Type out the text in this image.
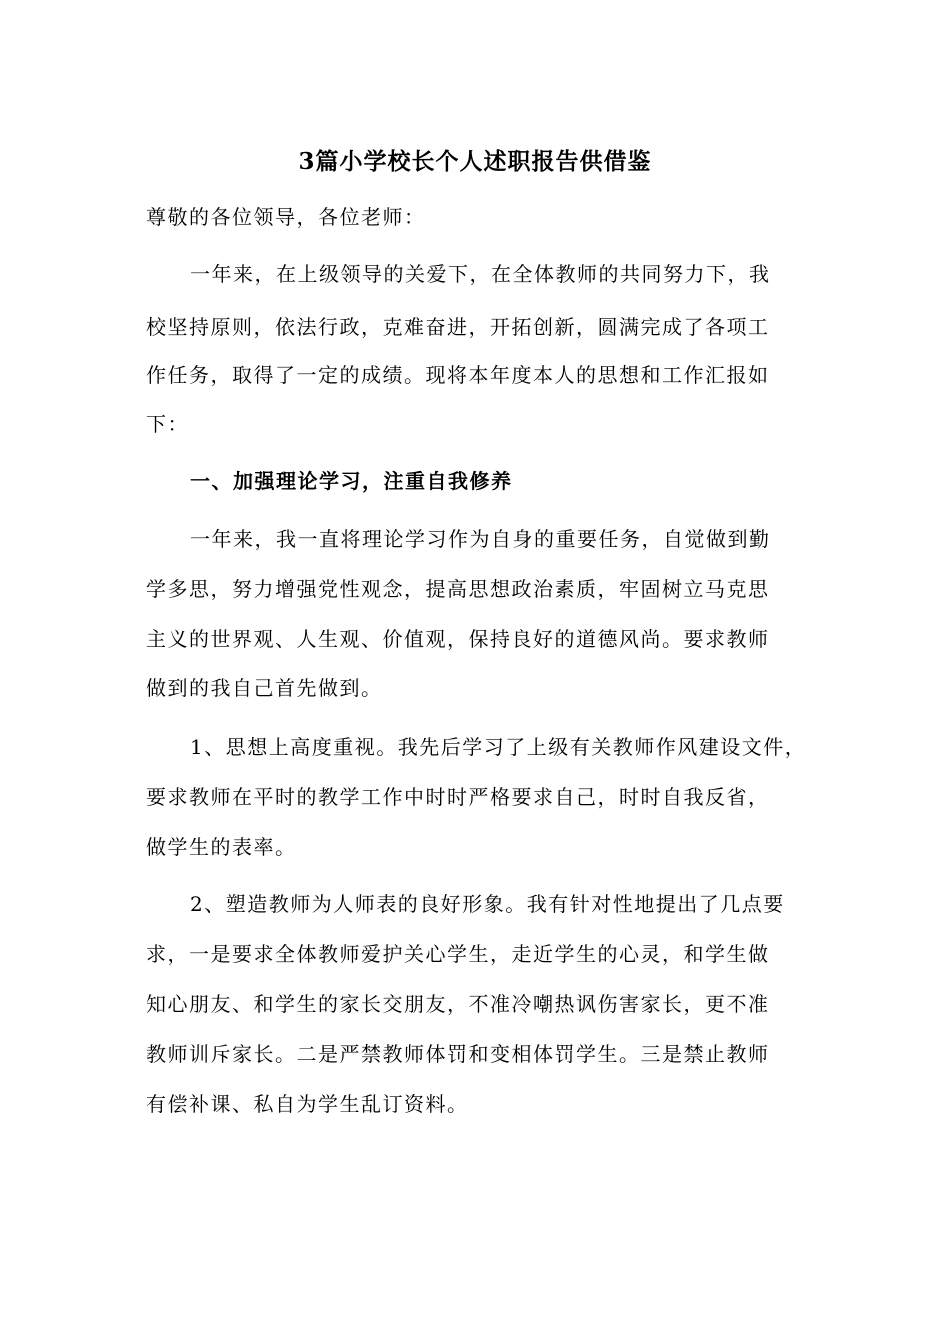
3篇小学校长个人述职报告供借鉴
尊敬的各位领导，各位老师：
一年来，在上级领导的关爱下，在全体教师的共同努力下，我
校坚持原则，依法行政，克难奋进，开拓创新，圆满完成了各项工
作任务，取得了一定的成绩。现将本年度本人的思想和工作汇报如
下：
一、加强理论学习，注重自我修养
一年来，我一直将理论学习作为自身的重要任务，自觉做到勤
学多思，努力增强党性观念，提高思想政治素质，牢固树立马克思
主义的世界观、人生观、价值观，保持良好的道德风尚。要求教师
做到的我自己首先做到。
1、思想上高度重视。我先后学习了上级有关教师作风建设文件，
要求教师在平时的教学工作中时时严格要求自己，时时自我反省，
做学生的表率。
2、塑造教师为人师表的良好形象。我有针对性地提出了几点要
求，一是要求全体教师爱护关心学生，走近学生的心灵，和学生做
知心朋友、和学生的家长交朋友，不准冷嘲热讽伤害家长，更不准
教师训斥家长。二是严禁教师体罚和变相体罚学生。三是禁止教师
有偿补课、私自为学生乱订资料。
